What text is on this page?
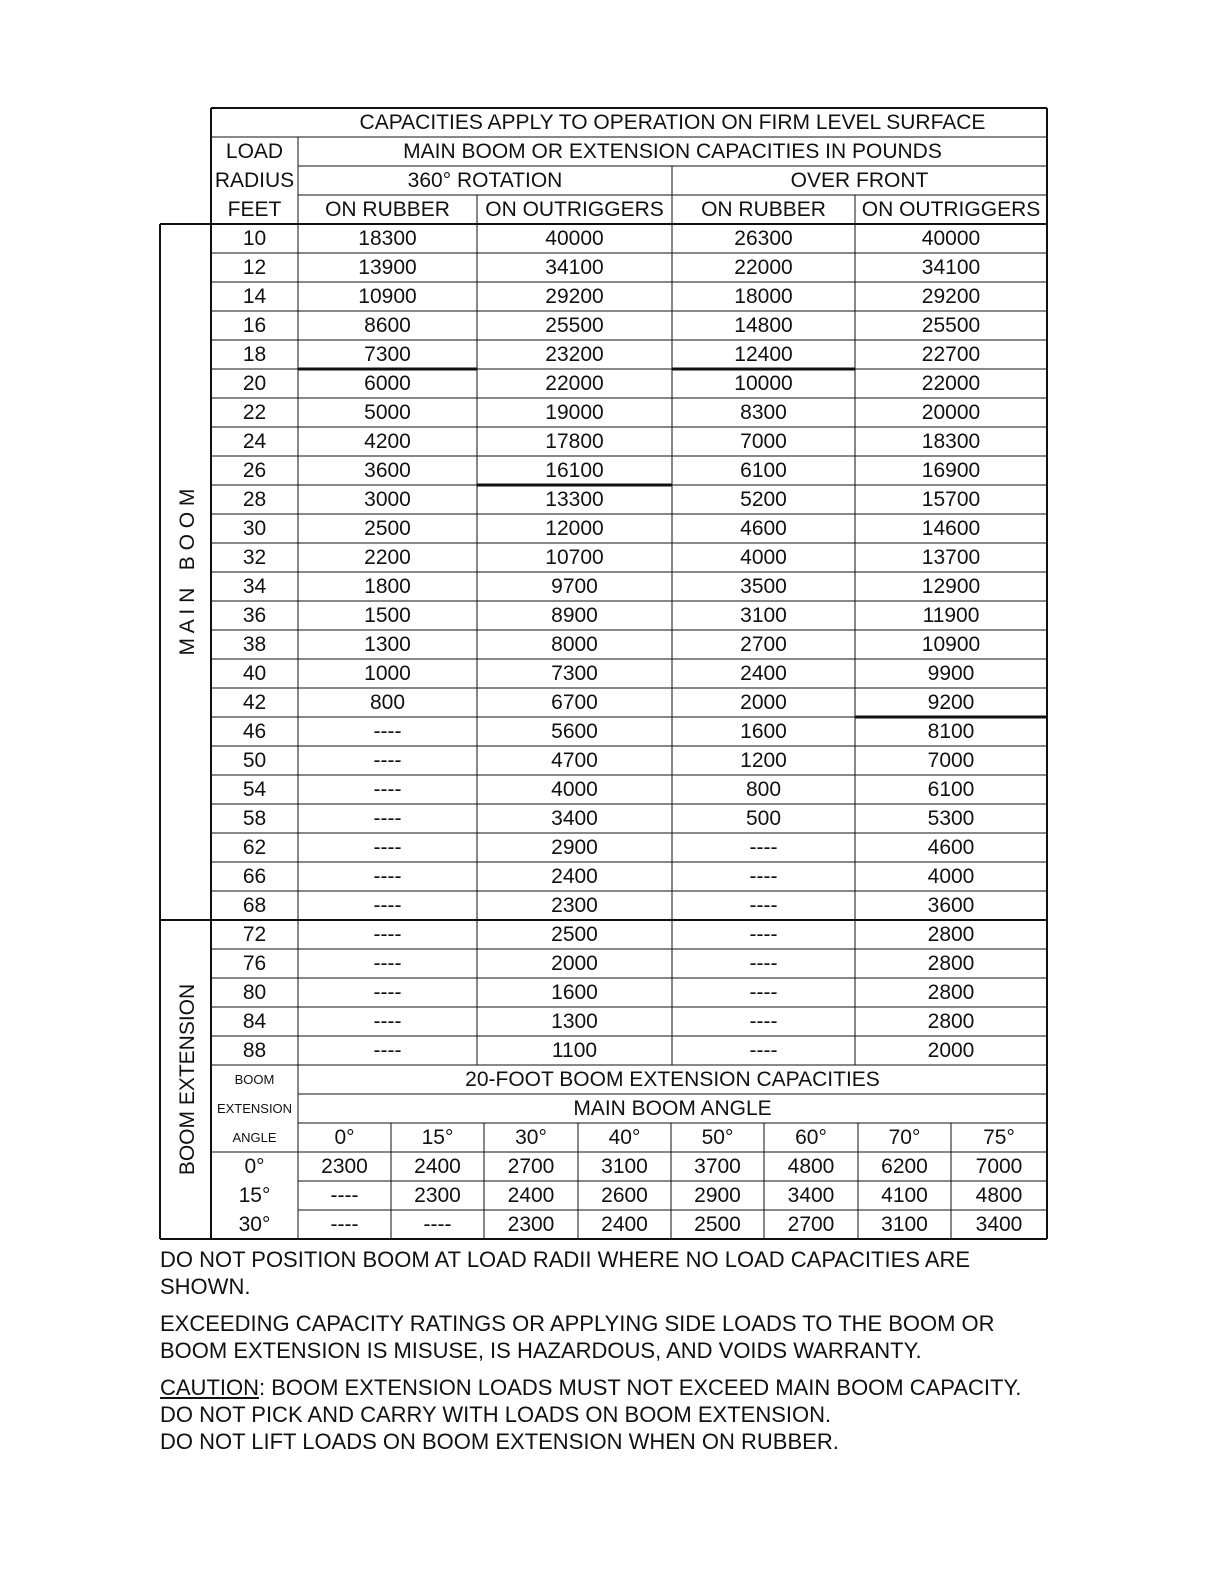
CAPACITIES APPLY TO OPERATION ON FIRM LEVEL SURFACE
LOAD
RADIUS
FEET
MAIN BOOM OR EXTENSION CAPACITIES IN POUNDS
360° ROTATION	OVER FRONT
ON RUBBER ON OUTRIGGERS ON RUBBER ON OUTRIGGERS
10	18300	40000	26300	40000
12	13900	34100	22000	34100
14	10900	29200	18000	29200
16	8600	25500	14800	25500
18	7300	23200	12400	22700
20	6000	22000	10000	22000
22	5000	19000	8300	20000
24	4200	17800	7000	18300
26	3600	16100	6100	16900
28	3000	13300	5200	15700
30	2500	12000	4600	14600
32	2200	10700	4000	13700
34	1800	9700	3500	12900
36	1500	8900	3100	11900
38	1300	8000	2700	10900
40	1000	7300	2400	9900
42	800	6700	2000	9200
46	----	5600	1600	8100
50	----	4700	1200	7000
54	----	4000	800	6100
58	----	3400	500	5300
62	----	2900	----	4600
66	----	2400	----	4000
68	----	2300	----	3600
72	----	2500	----	2800
76	----	2000	----	2800
80	----	1600	----	2800
84	----	1300	----	2800
88	----	1100	----	2000
M A I N   B O O M
BOOM EXTENSION	BOOM
EXTENSION
ANGLE
20-FOOT BOOM EXTENSION CAPACITIES
MAIN BOOM ANGLE
0°	15°	30°	40°	50°	60°	70°	75°
0°	2300 2400 2700 3100 3700 4800 6200 7000
15°	----	2300 2400 2600 2900 3400 4100 4800
30°	----	----	2300 2400 2500 2700 3100 3400

DO NOT POSITION BOOM AT LOAD RADII WHERE NO LOAD CAPACITIES ARE
SHOWN.

EXCEEDING CAPACITY RATINGS OR APPLYING SIDE LOADS TO THE BOOM OR
BOOM EXTENSION IS MISUSE, IS HAZARDOUS, AND VOIDS WARRANTY.

CAUTION: BOOM EXTENSION LOADS MUST NOT EXCEED MAIN BOOM CAPACITY.
DO NOT PICK AND CARRY WITH LOADS ON BOOM EXTENSION.
DO NOT LIFT LOADS ON BOOM EXTENSION WHEN ON RUBBER.
